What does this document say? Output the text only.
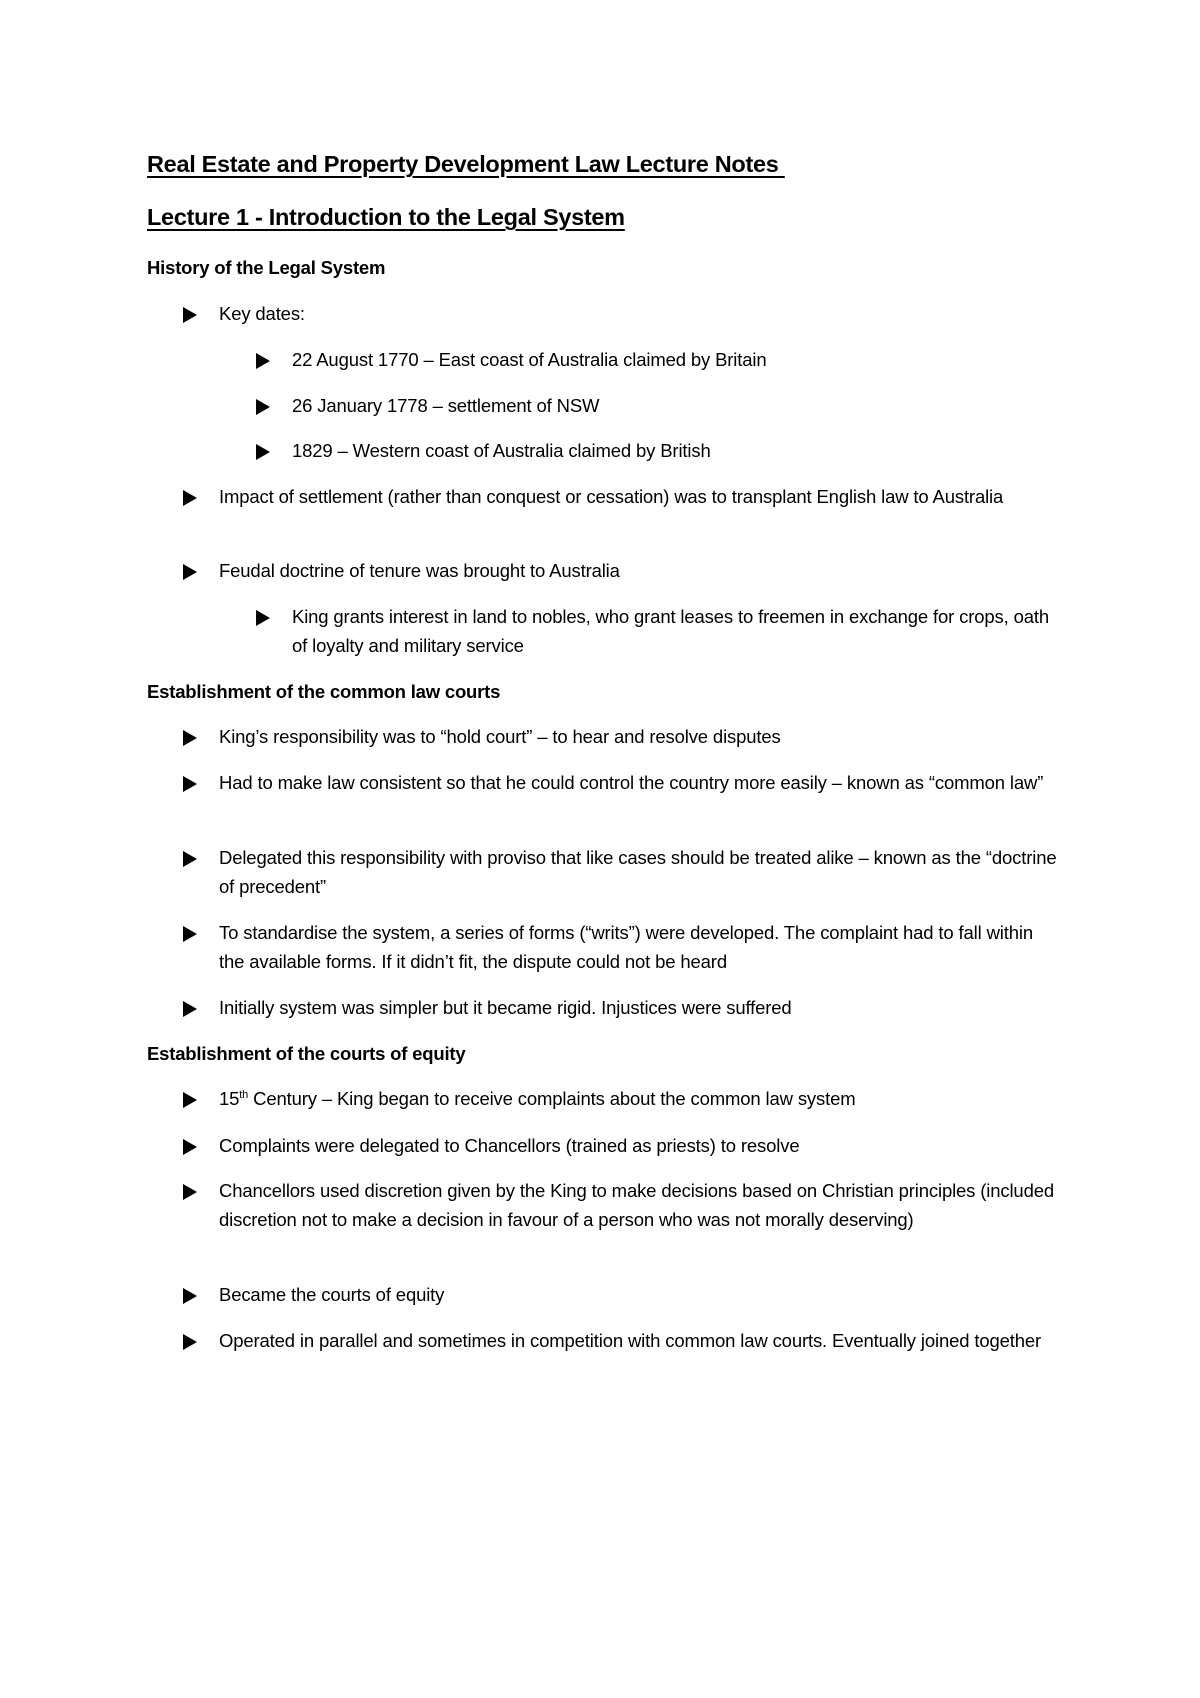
Real Estate and Property Development Law Lecture Notes
Lecture 1 - Introduction to the Legal System
History of the Legal System
Key dates:
22 August 1770 – East coast of Australia claimed by Britain
26 January 1778 – settlement of NSW
1829 – Western coast of Australia claimed by British
Impact of settlement (rather than conquest or cessation) was to transplant English law to Australia
Feudal doctrine of tenure was brought to Australia
King grants interest in land to nobles, who grant leases to freemen in exchange for crops, oath of loyalty and military service
Establishment of the common law courts
King’s responsibility was to “hold court” – to hear and resolve disputes
Had to make law consistent so that he could control the country more easily – known as “common law”
Delegated this responsibility with proviso that like cases should be treated alike – known as the “doctrine of precedent”
To standardise the system, a series of forms (“writs”) were developed. The complaint had to fall within the available forms. If it didn’t fit, the dispute could not be heard
Initially system was simpler but it became rigid. Injustices were suffered
Establishment of the courts of equity
15th Century – King began to receive complaints about the common law system
Complaints were delegated to Chancellors (trained as priests) to resolve
Chancellors used discretion given by the King to make decisions based on Christian principles (included discretion not to make a decision in favour of a person who was not morally deserving)
Became the courts of equity
Operated in parallel and sometimes in competition with common law courts. Eventually joined together
